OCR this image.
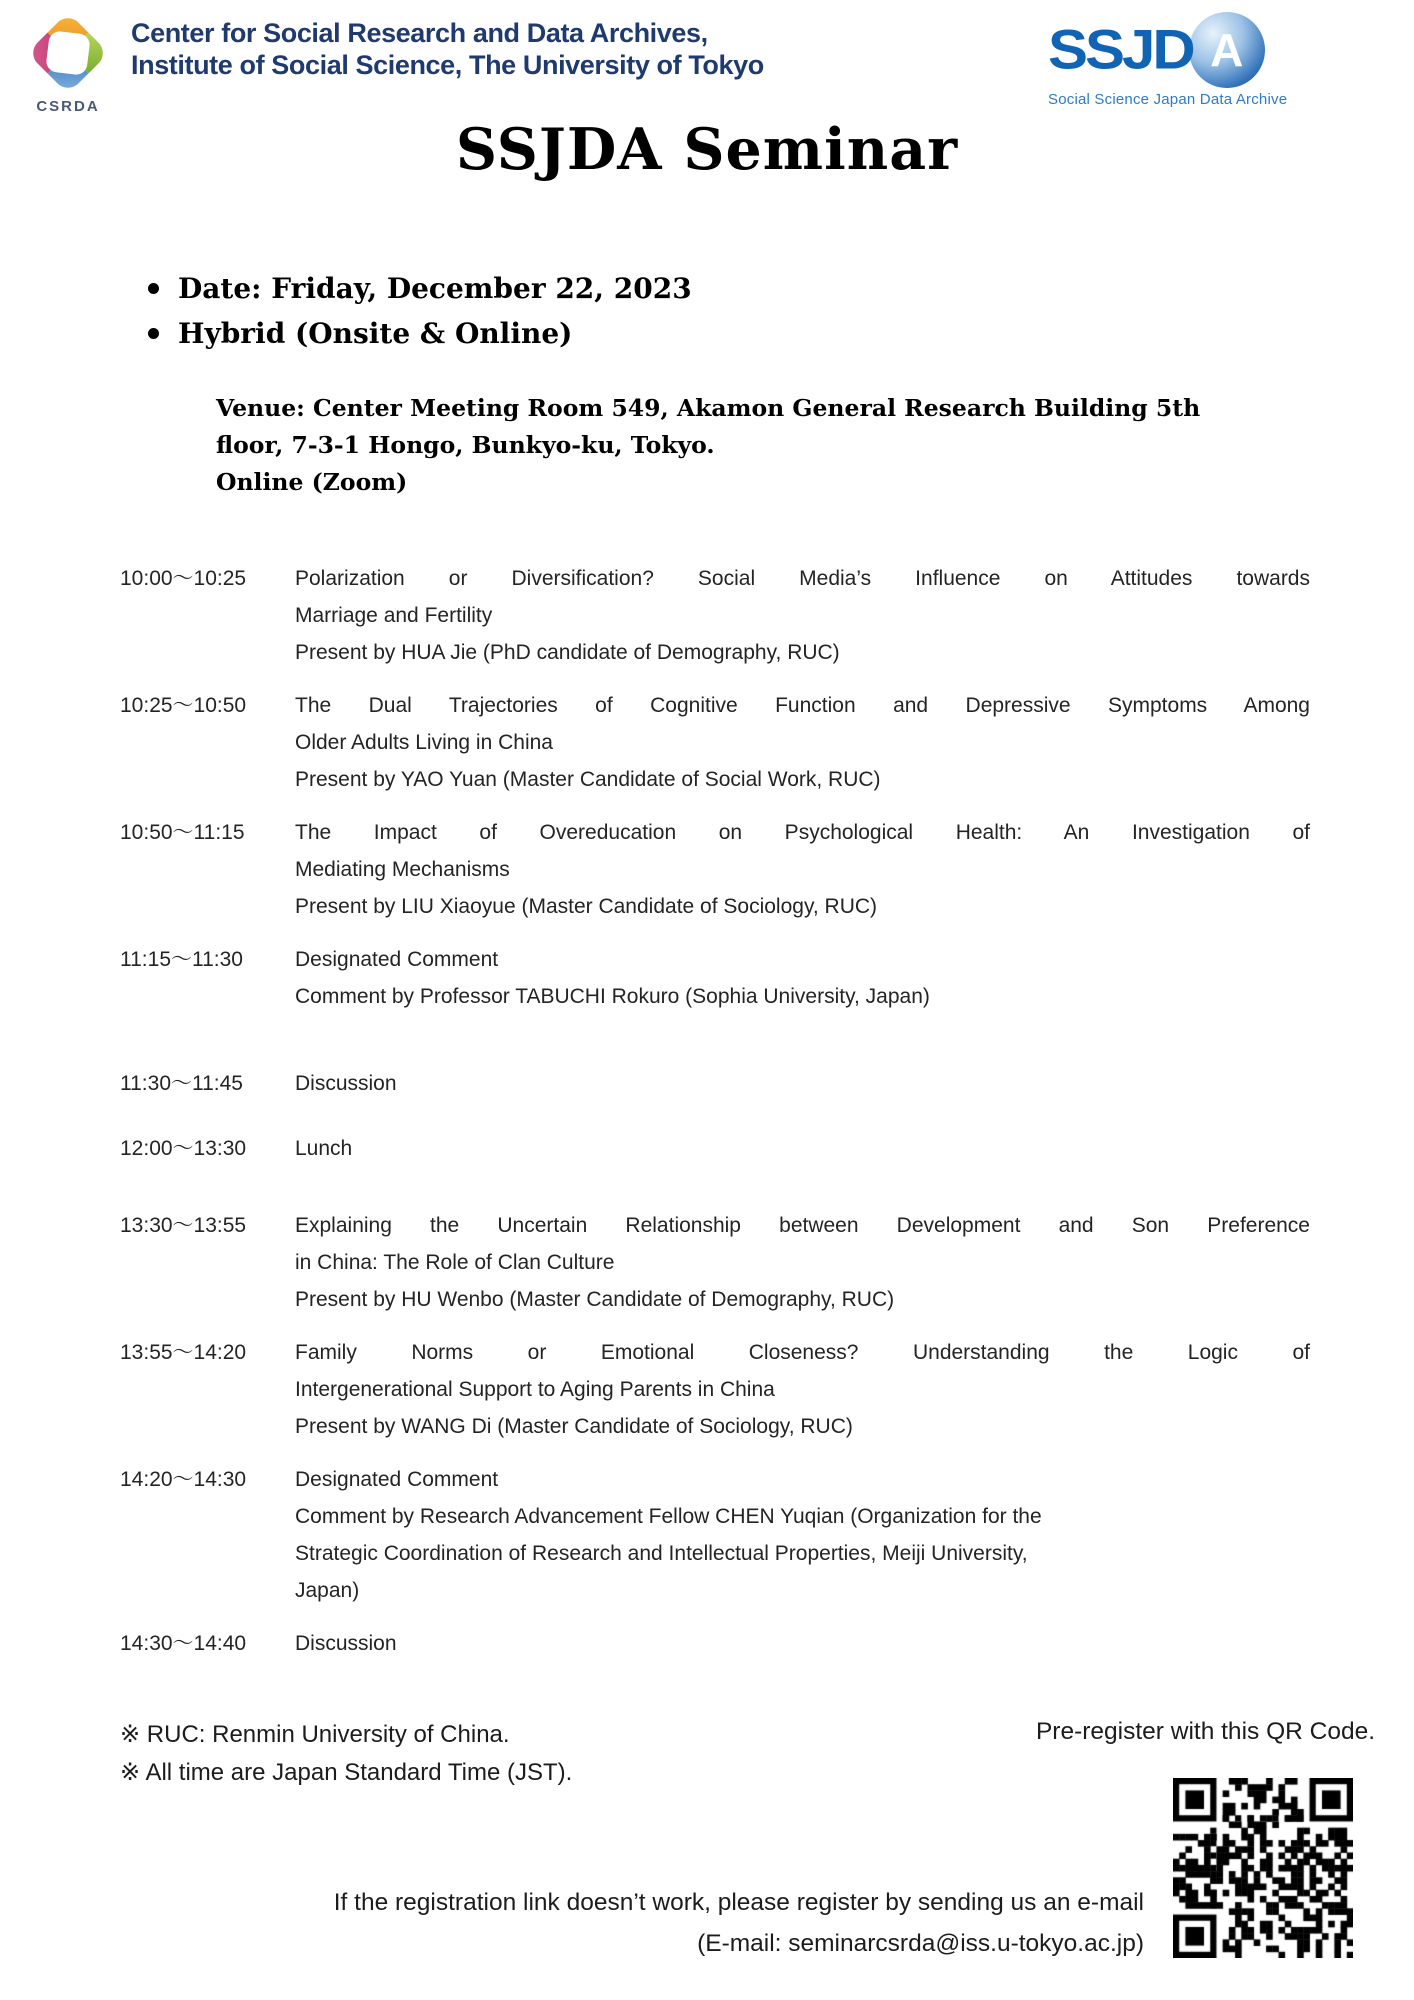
CSRDA
Center for Social Research and Data Archives,
Institute of Social Science, The University of Tokyo	SSJD A
Social Science Japan Data Archive
SSJDA Seminar
Date: Friday, December 22, 2023
Hybrid (Onsite & Online)
Venue: Center Meeting Room 549, Akamon General Research Building 5th
floor, 7-3-1 Hongo, Bunkyo-ku, Tokyo.
Online (Zoom)
10:00〜10:25	Polarization or Diversification? Social Media’s Influence on Attitudes towards
Marriage and Fertility
Present by HUA Jie (PhD candidate of Demography, RUC)
10:25〜10:50	The Dual Trajectories of Cognitive Function and Depressive Symptoms Among
Older Adults Living in China
Present by YAO Yuan (Master Candidate of Social Work, RUC)
10:50〜11:15	The Impact of Overeducation on Psychological Health: An Investigation of
Mediating Mechanisms
Present by LIU Xiaoyue (Master Candidate of Sociology, RUC)
11:15〜11:30	Designated Comment
Comment by Professor TABUCHI Rokuro (Sophia University, Japan)
11:30〜11:45	Discussion
12:00〜13:30	Lunch
13:30〜13:55	Explaining the Uncertain Relationship between Development and Son Preference
in China: The Role of Clan Culture
Present by HU Wenbo (Master Candidate of Demography, RUC)
13:55〜14:20	Family Norms or Emotional Closeness? Understanding the Logic of
Intergenerational Support to Aging Parents in China
Present by WANG Di (Master Candidate of Sociology, RUC)
14:20〜14:30	Designated Comment
Comment by Research Advancement Fellow CHEN Yuqian (Organization for the
Strategic Coordination of Research and Intellectual Properties, Meiji University,
Japan)
14:30〜14:40	Discussion
※ RUC: Renmin University of China.
※ All time are Japan Standard Time (JST).
Pre-register with this QR Code.
If the registration link doesn’t work, please register by sending us an e-mail
(E-mail: seminarcsrda@iss.u-tokyo.ac.jp)
